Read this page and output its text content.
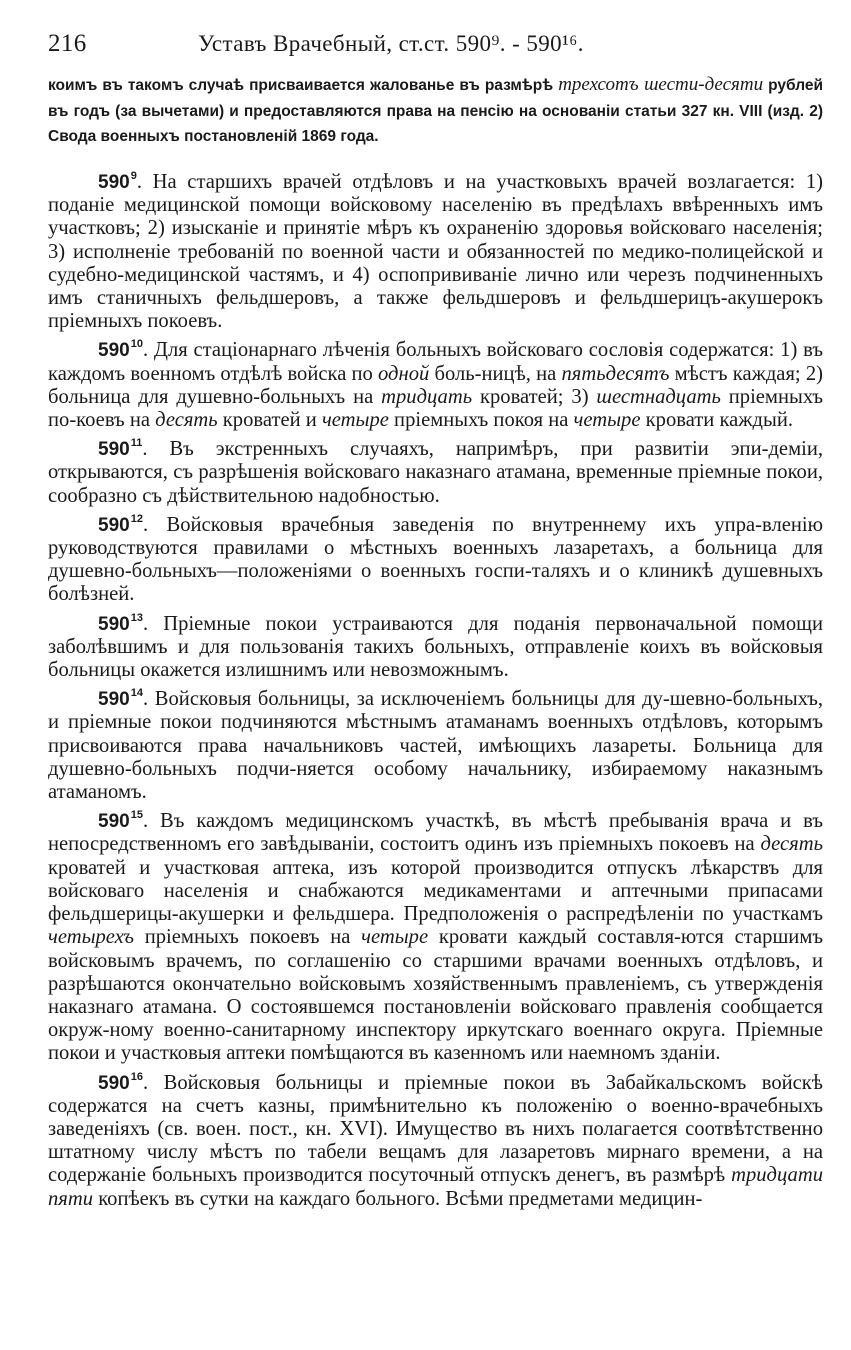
216	Уставъ Врачебный, ст.ст. 590⁹. - 590¹⁶.

коимъ въ такомъ случаѣ присваивается жалованье въ размѣрѣ трехсотъ шести-десяти рублей въ годъ (за вычетами) и предоставляются права на пенсію на основаніи статьи 327 кн. VIII (изд. 2) Свода военныхъ постановленій 1869 года.

$590^9$. На старшихъ врачей отдѣловъ и на участковыхъ врачей возлагается: 1) поданіе медицинской помощи войсковому населенію въ предѣлахъ ввѣренныхъ имъ участковъ; 2) изысканіе и принятіе мѣръ къ охраненію здоровья войсковаго населенія; 3) исполненіе требованій по военной части и обязанностей по медико-полицейской и судебно-медицинской частямъ, и 4) оспопрививаніе лично или черезъ подчиненныхъ имъ станичныхъ фельдшеровъ, а также фельдшеровъ и фельдшерицъ-акушерокъ пріемныхъ покоевъ.

$590^{10}$. Для стаціонарнаго лѣченія больныхъ войсковаго сословія содержатся: 1) въ каждомъ военномъ отдѣлѣ войска по одной боль-ницѣ, на пятьдесятъ мѣстъ каждая; 2) больница для душевно-больныхъ на тридцать кроватей; 3) шестнадцать пріемныхъ по-коевъ на десять кроватей и четыре пріемныхъ покоя на четыре кровати каждый.

$590^{11}$. Въ экстренныхъ случаяхъ, напримѣръ, при развитіи эпи-деміи, открываются, съ разрѣшенія войсковаго наказнаго атамана, временные пріемные покои, сообразно съ дѣйствительною надобностью.

$590^{12}$. Войсковыя врачебныя заведенія по внутреннему ихъ упра-вленію руководствуются правилами о мѣстныхъ военныхъ лазаретахъ, а больница для душевно-больныхъ—положеніями о военныхъ госпи-таляхъ и о клиникѣ душевныхъ болѣзней.

$590^{13}$. Пріемные покои устраиваются для поданія первоначальной помощи заболѣвшимъ и для пользованія такихъ больныхъ, отправленіе коихъ въ войсковыя больницы окажется излишнимъ или невозможнымъ.

$590^{14}$. Войсковыя больницы, за исключеніемъ больницы для ду-шевно-больныхъ, и пріемные покои подчиняются мѣстнымъ атаманамъ военныхъ отдѣловъ, которымъ присвоиваются права начальниковъ частей, имѣющихъ лазареты. Больница для душевно-больныхъ подчи-няется особому начальнику, избираемому наказнымъ атаманомъ.

$590^{15}$. Въ каждомъ медицинскомъ участкѣ, въ мѣстѣ пребыванія врача и въ непосредственномъ его завѣдываніи, состоитъ одинъ изъ пріемныхъ покоевъ на десять кроватей и участковая аптека, изъ которой производится отпускъ лѣкарствъ для войсковаго населенія и снабжаются медикаментами и аптечными припасами фельдшерицы-акушерки и фельдшера. Предположенія о распредѣленіи по участкамъ четырехъ пріемныхъ покоевъ на четыре кровати каждый составля-ются старшимъ войсковымъ врачемъ, по соглашенію со старшими врачами военныхъ отдѣловъ, и разрѣшаются окончательно войсковымъ хозяйственнымъ правленіемъ, съ утвержденія наказнаго атамана. О состоявшемся постановленіи войсковаго правленія сообщается окруж-ному военно-санитарному инспектору иркутскаго военнаго округа. Пріемные покои и участковыя аптеки помѣщаются въ казенномъ или наемномъ зданіи.

$590^{16}$. Войсковыя больницы и пріемные покои въ Забайкальскомъ войскѣ содержатся на счетъ казны, примѣнительно къ положенію о военно-врачебныхъ заведеніяхъ (св. воен. пост., кн. XVI). Имущество въ нихъ полагается соотвѣтственно штатному числу мѣстъ по табели вещамъ для лазаретовъ мирнаго времени, а на содержаніе больныхъ производится посуточный отпускъ денегъ, въ размѣрѣ тридцати пяти копѣекъ въ сутки на каждаго больного. Всѣми предметами медицин-
